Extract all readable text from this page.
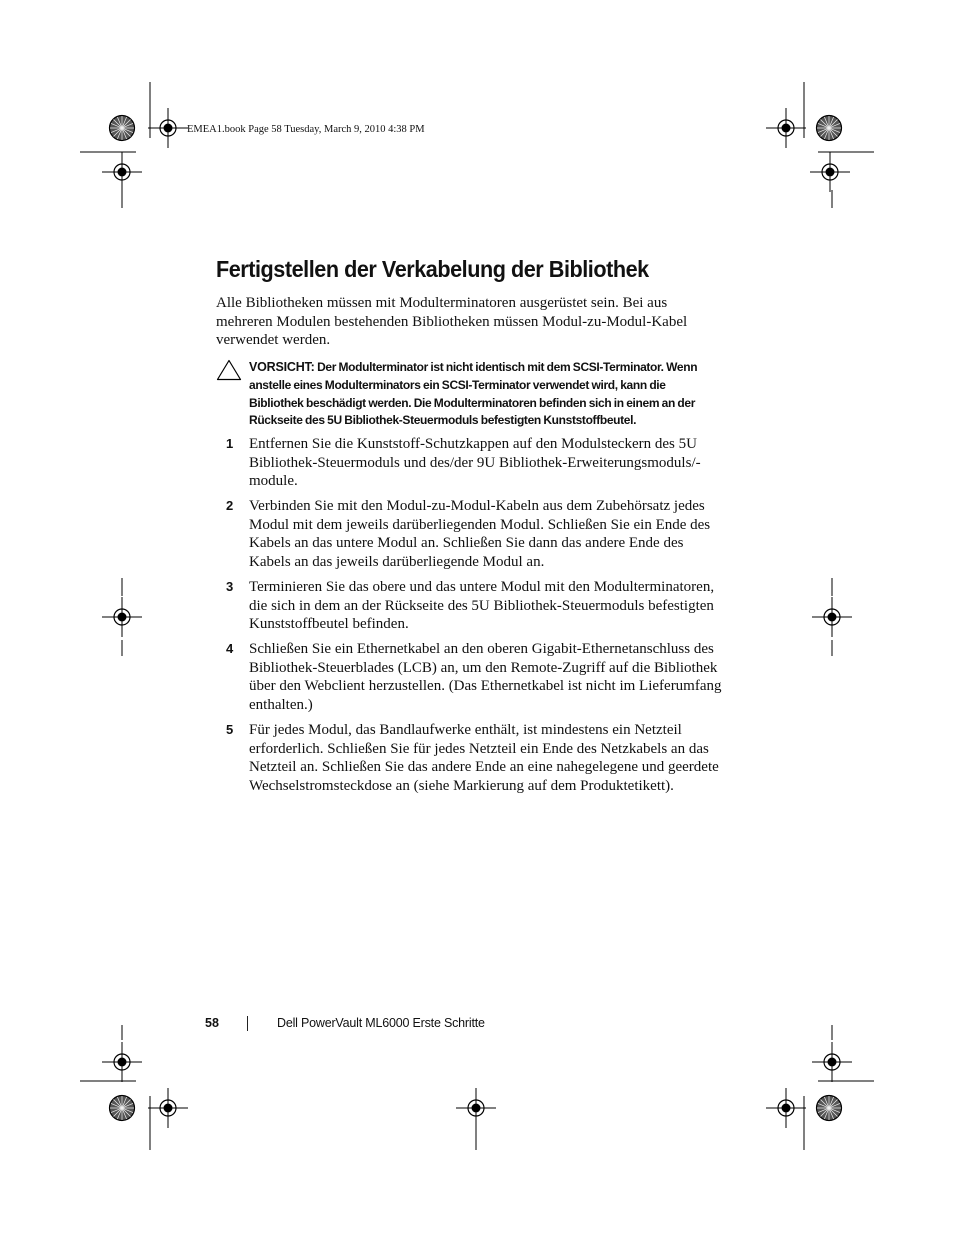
EMEA1.book Page 58 Tuesday, March 9, 2010 4:38 PM
Fertigstellen der Verkabelung der Bibliothek

Alle Bibliotheken müssen mit Modulterminatoren ausgerüstet sein. Bei aus mehreren Modulen bestehenden Bibliotheken müssen Modul-zu-Modul-Kabel verwendet werden.

VORSICHT: Der Modulterminator ist nicht identisch mit dem SCSI-Terminator. Wenn anstelle eines Modulterminators ein SCSI-Terminator verwendet wird, kann die Bibliothek beschädigt werden. Die Modulterminatoren befinden sich in einem an der Rückseite des 5U Bibliothek-Steuermoduls befestigten Kunststoffbeutel.

1 Entfernen Sie die Kunststoff-Schutzkappen auf den Modulsteckern des 5U Bibliothek-Steuermoduls und des/der 9U Bibliothek-Erweiterungsmoduls/-module.

2 Verbinden Sie mit den Modul-zu-Modul-Kabeln aus dem Zubehörsatz jedes Modul mit dem jeweils darüberliegenden Modul. Schließen Sie ein Ende des Kabels an das untere Modul an. Schließen Sie dann das andere Ende des Kabels an das jeweils darüberliegende Modul an.

3 Terminieren Sie das obere und das untere Modul mit den Modulterminatoren, die sich in dem an der Rückseite des 5U Bibliothek-Steuermoduls befestigten Kunststoffbeutel befinden.

4 Schließen Sie ein Ethernetkabel an den oberen Gigabit-Ethernetanschluss des Bibliothek-Steuerblades (LCB) an, um den Remote-Zugriff auf die Bibliothek über den Webclient herzustellen. (Das Ethernetkabel ist nicht im Lieferumfang enthalten.)

5 Für jedes Modul, das Bandlaufwerke enthält, ist mindestens ein Netzteil erforderlich. Schließen Sie für jedes Netzteil ein Ende des Netzkabels an das Netzteil an. Schließen Sie das andere Ende an eine nahegelegene und geerdete Wechselstromsteckdose an (siehe Markierung auf dem Produktetikett).

58	Dell PowerVault ML6000 Erste Schritte
